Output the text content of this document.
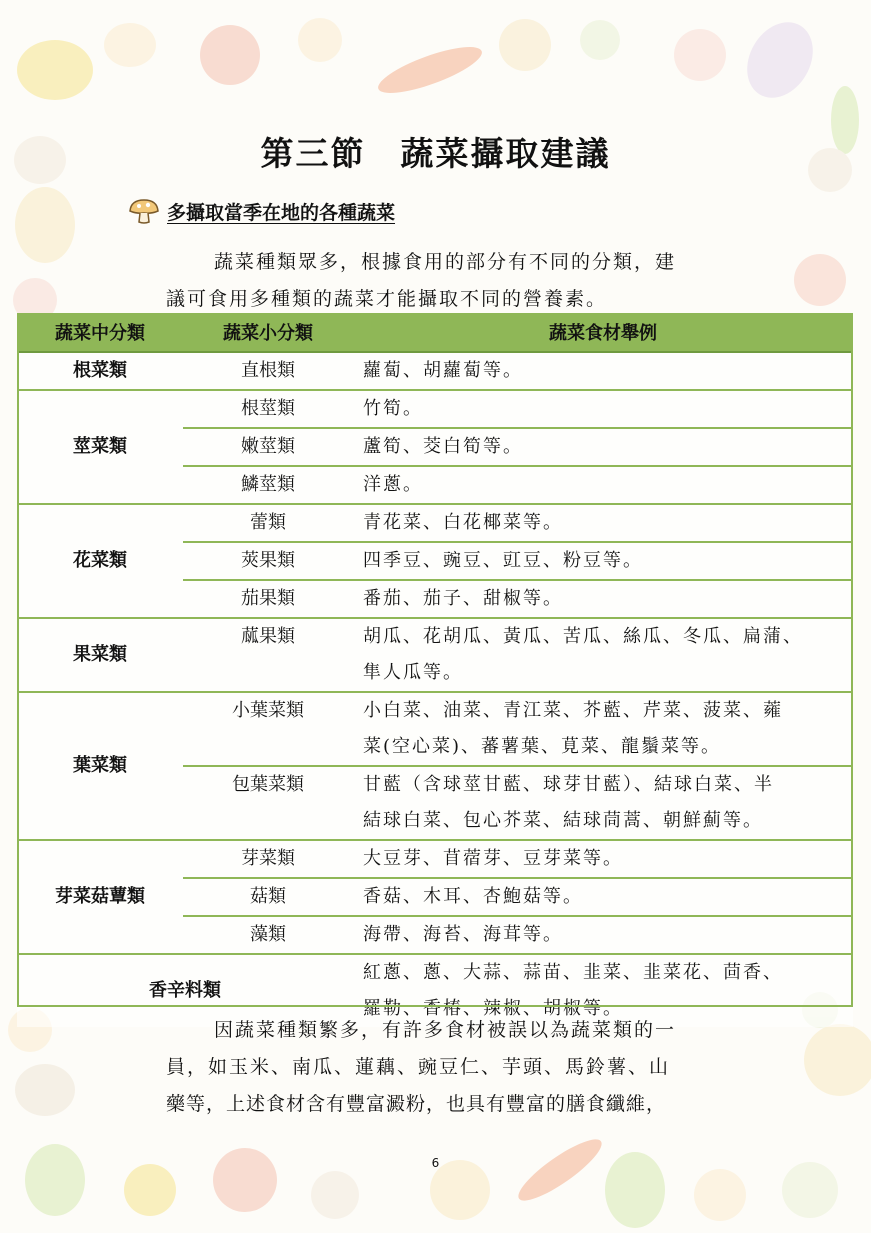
第三節　蔬菜攝取建議
多攝取當季在地的各種蔬菜
蔬菜種類眾多，根據食用的部分有不同的分類，建
議可食用多種類的蔬菜才能攝取不同的營養素。
蔬菜中分類	蔬菜小分類	蔬菜食材舉例
根菜類	直根類	蘿蔔、胡蘿蔔等。
莖菜類	根莖類	竹筍。
	嫩莖類	蘆筍、茭白筍等。
	鱗莖類	洋蔥。
花菜類	蕾類	青花菜、白花椰菜等。
	莢果類	四季豆、豌豆、豇豆、粉豆等。
	茄果類	番茄、茄子、甜椒等。
果菜類	蓏果類	胡瓜、花胡瓜、黃瓜、苦瓜、絲瓜、冬瓜、扁蒲、
隼人瓜等。

葉菜類	小葉菜類	小白菜、油菜、青江菜、芥藍、芹菜、菠菜、蕹
菜(空心菜)、蕃薯葉、莧菜、龍鬚菜等。

	包葉菜類	甘藍（含球莖甘藍、球芽甘藍）、結球白菜、半
結球白菜、包心芥菜、結球茼蒿、朝鮮薊等。

芽菜菇蕈類	芽菜類	大豆芽、苜蓿芽、豆芽菜等。
	菇類	香菇、木耳、杏鮑菇等。
	藻類	海帶、海苔、海茸等。
香辛料類		紅蔥、蔥、大蒜、蒜苗、韭菜、韭菜花、茴香、
羅勒、香椿、辣椒、胡椒等。
因蔬菜種類繁多，有許多食材被誤以為蔬菜類的一
員，如玉米、南瓜、蓮藕、豌豆仁、芋頭、馬鈴薯、山
藥等，上述食材含有豐富澱粉，也具有豐富的膳食纖維，
6
